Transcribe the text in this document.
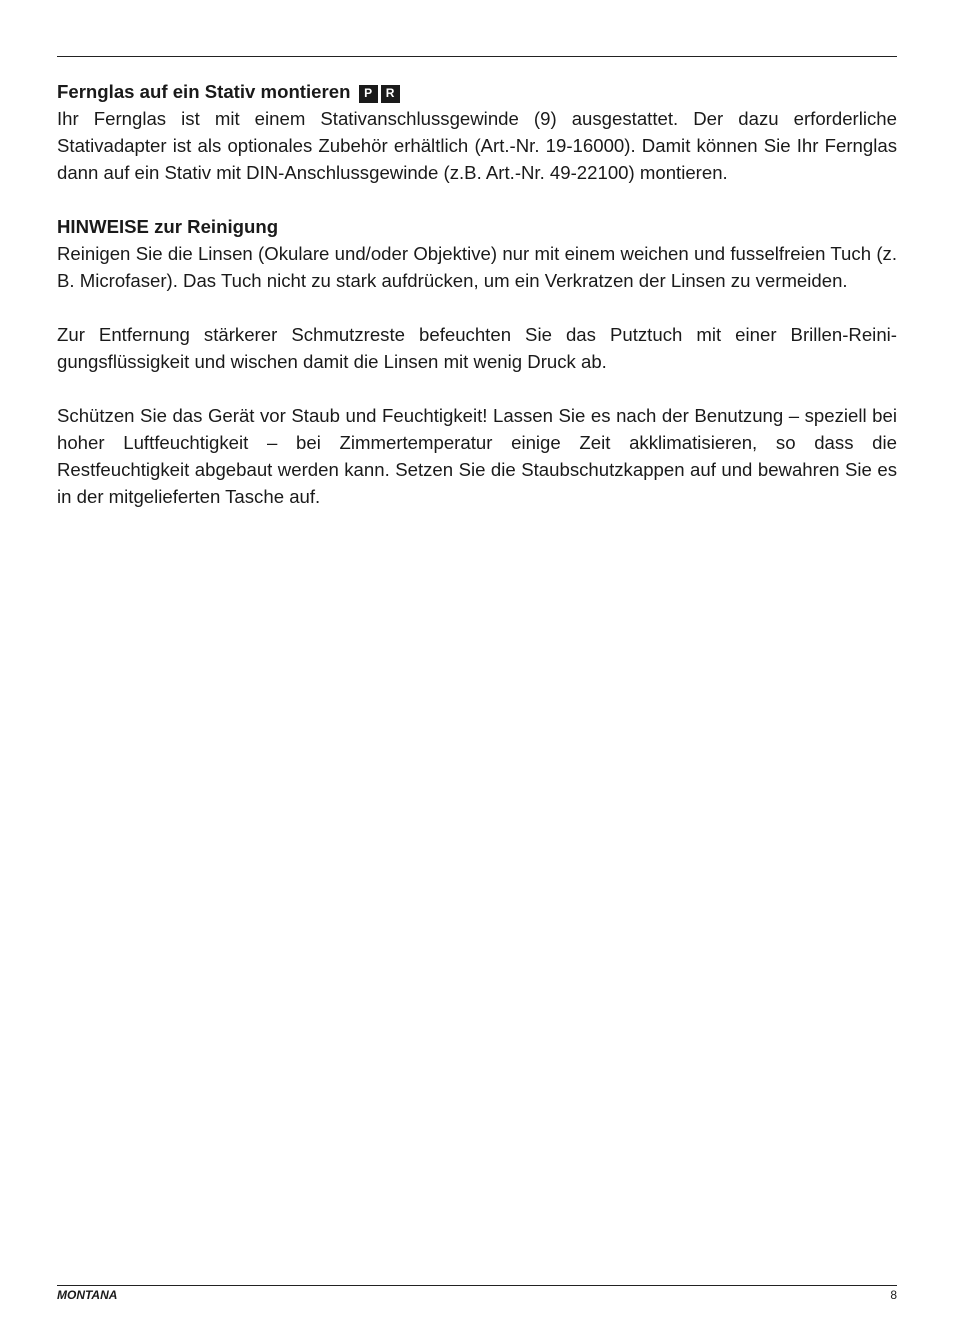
Fernglas auf ein Stativ montieren P R

Ihr Fernglas ist mit einem Stativanschlussgewinde (9) ausgestattet. Der dazu erforderliche Stativadapter ist als optionales Zubehör erhältlich (Art.-Nr. 19-16000). Damit können Sie Ihr Fernglas dann auf ein Stativ mit DIN-Anschlussgewinde (z.B. Art.-Nr. 49-22100) montieren.

HINWEISE zur Reinigung

Reinigen Sie die Linsen (Okulare und/oder Objektive) nur mit einem weichen und fusselfreien Tuch (z. B. Microfaser). Das Tuch nicht zu stark aufdrücken, um ein Verkratzen der Linsen zu vermeiden.

Zur Entfernung stärkerer Schmutzreste befeuchten Sie das Putztuch mit einer Brillen-Reinigungsflüssigkeit und wischen damit die Linsen mit wenig Druck ab.

Schützen Sie das Gerät vor Staub und Feuchtigkeit! Lassen Sie es nach der Benutzung – speziell bei hoher Luftfeuchtigkeit – bei Zimmertemperatur einige Zeit akklimatisieren, so dass die Restfeuchtigkeit abgebaut werden kann. Setzen Sie die Staubschutzkappen auf und bewahren Sie es in der mitgelieferten Tasche auf.

MONTANA	8
